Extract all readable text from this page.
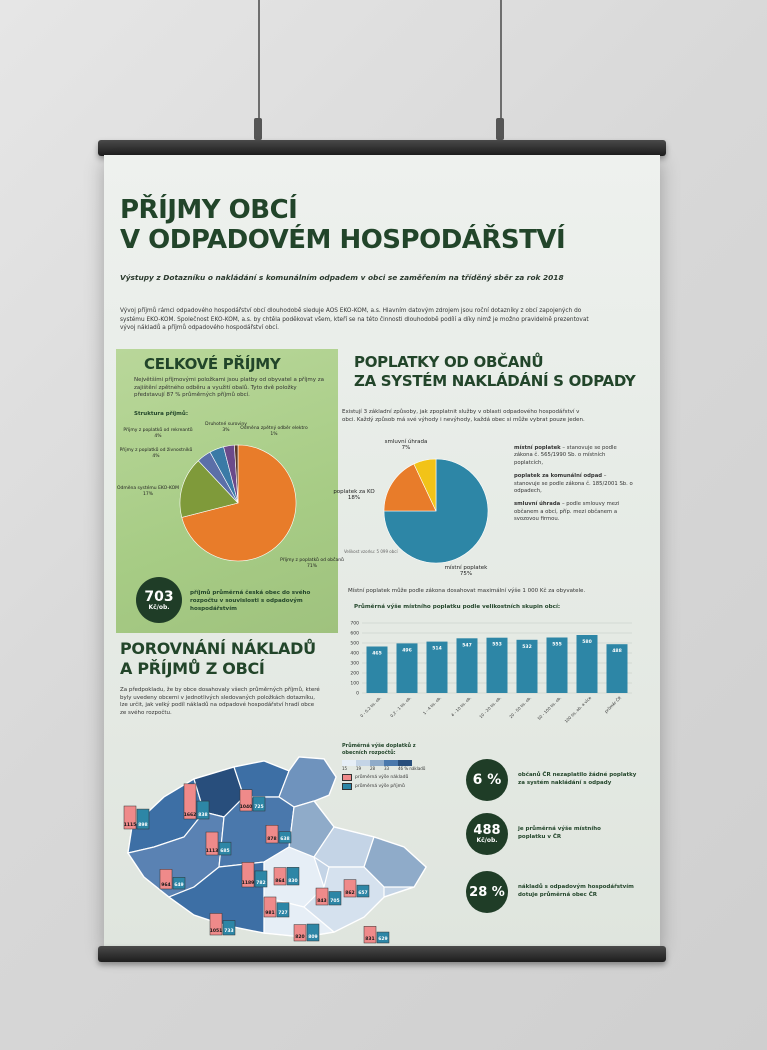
PŘÍJMY OBCÍ
V ODPADOVÉM HOSPODÁŘSTVÍ
Výstupy z Dotazníku o nakládání s komunálním odpadem v obci se zaměřením na tříděný sběr za rok 2018
Vývoj příjmů rámci odpadového hospodářství obcí dlouhodobě sleduje AOS EKO-KOM, a.s. Hlavním datovým zdrojem jsou roční dotazníky z obcí zapojených do systému EKO-KOM. Společnost EKO-KOM, a.s. by chtěla poděkovat všem, kteří se na této činnosti dlouhodobě podílí a díky nimž je možno pravidelně prezentovat vývoj nákladů a příjmů odpadového hospodářství obcí.
CELKOVÉ PŘÍJMY
Největšími příjmovými položkami jsou platby od obyvatel a příjmy za zajištění zpětného odběru a využití obalů. Tyto dvě položky představují 87 % průměrných příjmů obcí.
Struktura příjmů:
Příjmy z poplatků od rekreantů
4%
Druhotné suroviny
3% Odměna zpětný odběr elektro
1%
Příjmy z poplatků od živnostníků
4%
Odměna systému EKO-KOM
17%
Příjmy z poplatků od občanů
71%
703
Kč/ob.
příjmů průměrná česká obec do svého rozpočtu v souvislosti s odpadovým hospodářstvím
POPLATKY OD OBČANŮ
ZA SYSTÉM NAKLÁDÁNÍ S ODPADY
Existují 3 základní způsoby, jak zpoplatnit služby v oblasti odpadového hospodářství v obci. Každý způsob má své výhody i nevýhody, každá obec si může vybrat pouze jeden.
smluvní úhrada
7%
poplatek za KO
18%
místní poplatek
75%
Velikost vzorku: 5 099 obcí
místní poplatek – stanovuje se podle zákona č. 565/1990 Sb. o místních poplatcích,
poplatek za komunální odpad – stanovuje se podle zákona č. 185/2001 Sb. o odpadech,
smluvní úhrada – podle smlouvy mezi občanem a obcí, příp. mezi občanem a svozovou firmou.
Místní poplatek může podle zákona dosahovat maximální výše 1 000 Kč za obyvatele.
Průměrná výše místního poplatku podle velikostních skupin obcí:
0
100
200
300
400
500
600
700
465
0 - 0,2 tis. ob.
496
0,2 - 1 tis. ob.
514
1 - 4 tis. ob.
547
4 - 10 tis. ob.
553
10 - 20 tis. ob.
532
20 - 50 tis. ob.
555
50 - 100 tis. ob.
580
100 tis. ob. a více
488
průměr ČR
POROVNÁNÍ NÁKLADŮ
A PŘÍJMŮ Z OBCÍ
Za předpokladu, že by obce dosahovaly všech průměrných příjmů, které byly uvedeny obcemi v jednotlivých sledovaných položkách dotazníku, lze určit, jak velký podíl nákladů na odpadové hospodářství hradí obce ze svého rozpočtu.
1115 898
1662 838
1040 725
1113 685
878 638
964 649	1189 782 864 830
843 705
862 657
981 727
1051 733
820 809	831 629
Průměrná výše doplatků z obecních rozpočtů:
15	19	28	33	46 % nákladů
průměrná výše nákladů
průměrná výše příjmů	6 %	občanů ČR nezaplatilo žádné poplatky za systém nakládání s odpady
488
Kč/ob.
je průměrná výše místního poplatku v ČR
28 %	nákladů s odpadovým hospodářstvím dotuje průměrná obec ČR
